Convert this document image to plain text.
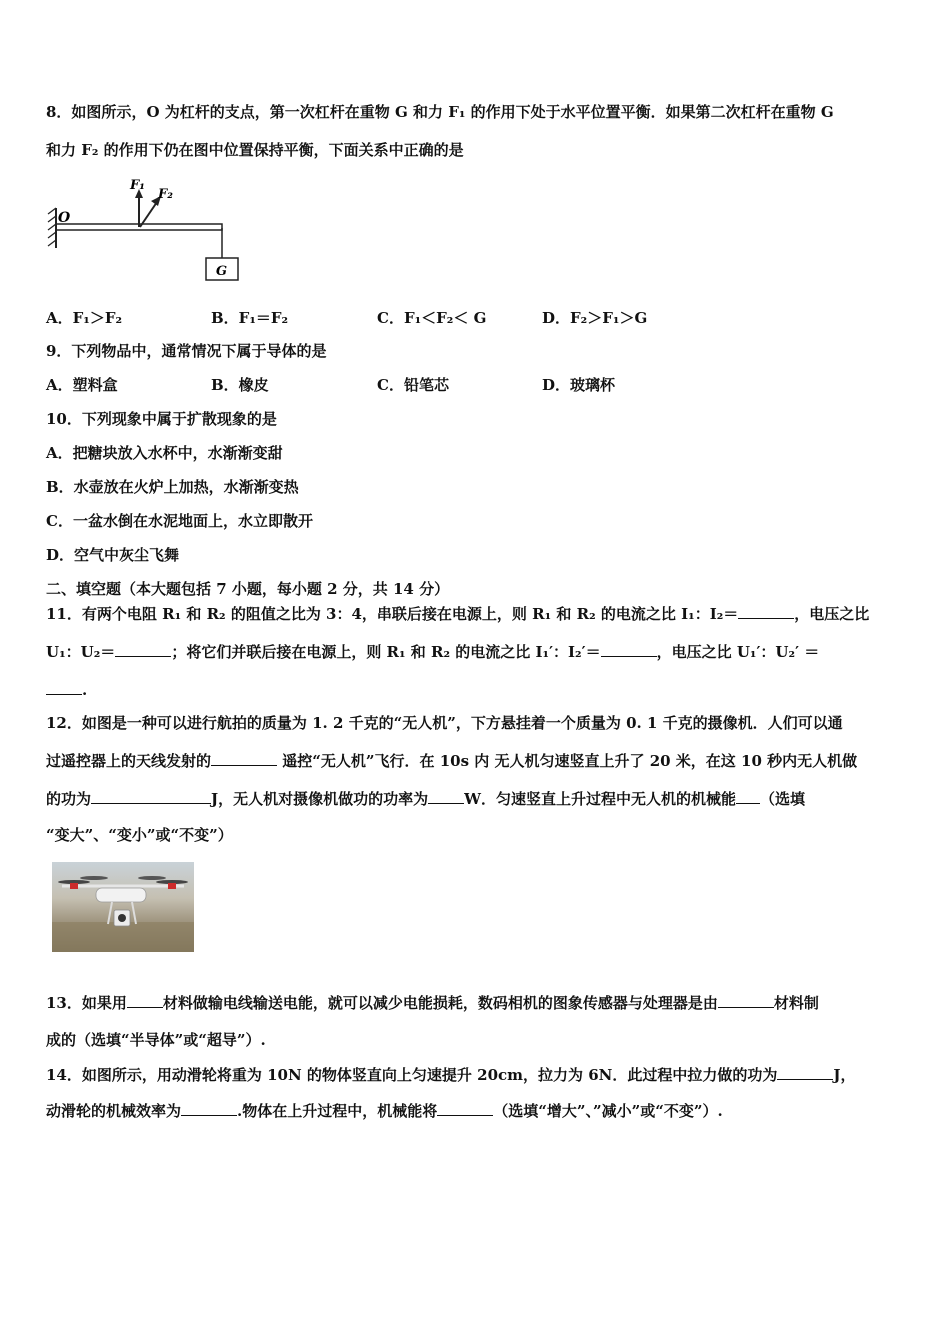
8．如图所示，O 为杠杆的支点，第一次杠杆在重物 G 和力 F₁ 的作用下处于水平位置平衡．如果第二次杠杆在重物 G
和力 F₂ 的作用下仍在图中位置保持平衡，下面关系中正确的是
O
F₁
F₂
G
A．F₁＞F₂	B．F₁＝F₂	C．F₁＜F₂＜ G	D．F₂＞F₁＞G
9．下列物品中，通常情况下属于导体的是
A．塑料盒	B．橡皮	C．铅笔芯	D．玻璃杯
10．下列现象中属于扩散现象的是
A．把糖块放入水杯中，水渐渐变甜
B．水壶放在火炉上加热，水渐渐变热
C．一盆水倒在水泥地面上，水立即散开
D．空气中灰尘飞舞
二、填空题（本大题包括 7 小题，每小题 2 分，共 14 分）
11．有两个电阻 R₁ 和 R₂ 的阻值之比为 3：4，串联后接在电源上，则 R₁ 和 R₂ 的电流之比 I₁：I₂＝	，电压之比
U₁：U₂＝	；将它们并联后接在电源上，则 R₁ 和 R₂ 的电流之比 I₁′：I₂′＝	，电压之比 U₁′：U₂′ ＝
.
12．如图是一种可以进行航拍的质量为 1. 2 千克的“无人机”，下方悬挂着一个质量为 0. 1 千克的摄像机．人们可以通
过遥控器上的天线发射的	遥控“无人机”飞行．在 10s 内 无人机匀速竖直上升了 20 米，在这 10 秒内无人机做
的功为	J，无人机对摄像机做功的功率为 W．匀速竖直上升过程中无人机的机械能 （选填
“变大”、“变小”或“不变”）
13．如果用 材料做输电线输送电能，就可以减少电能损耗，数码相机的图象传感器与处理器是由	材料制
成的（选填“半导体”或“超导”）.
14．如图所示，用动滑轮将重为 10N 的物体竖直向上匀速提升 20cm，拉力为 6N．此过程中拉力做的功为	J，
动滑轮的机械效率为	.物体在上升过程中，机械能将	（选填“增大”、”减小”或“不变”）.
